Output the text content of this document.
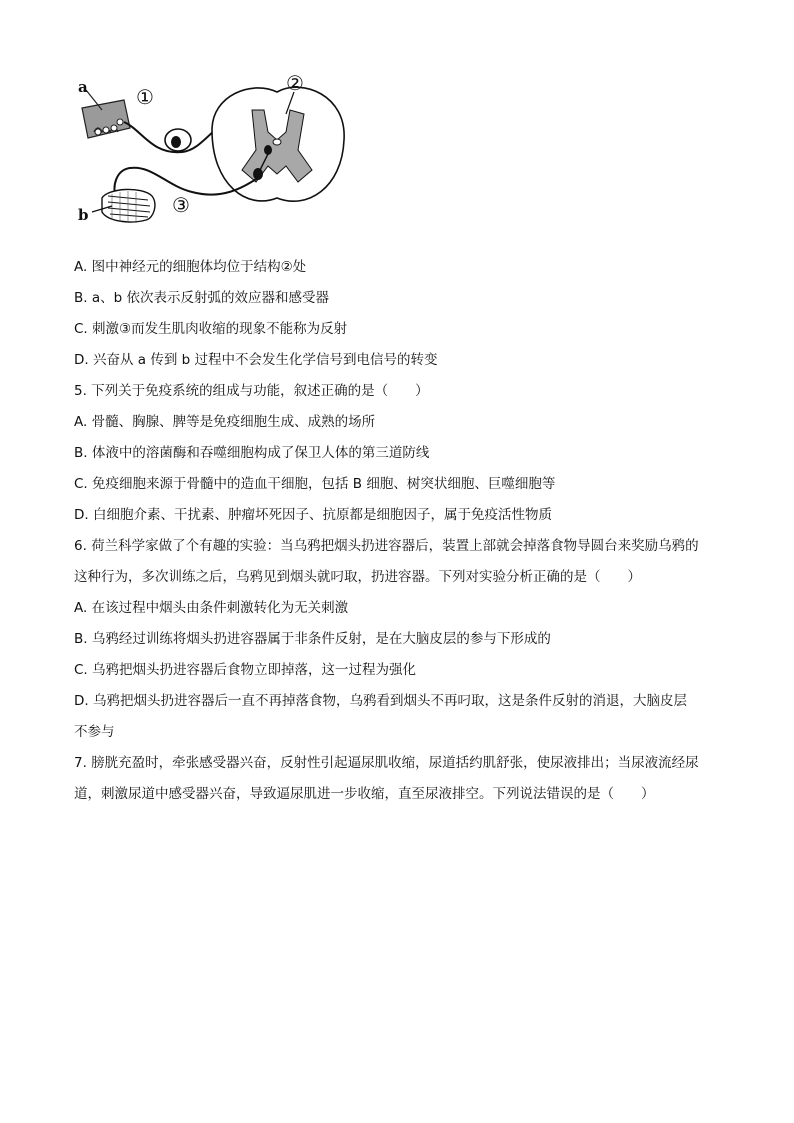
a ①
②
③
b

A. 图中神经元的细胞体均位于结构②处

B. a、b 依次表示反射弧的效应器和感受器

C. 刺激③而发生肌肉收缩的现象不能称为反射

D. 兴奋从 a 传到 b 过程中不会发生化学信号到电信号的转变

5. 下列关于免疫系统的组成与功能，叙述正确的是（　　）

A. 骨髓、胸腺、脾等是免疫细胞生成、成熟的场所

B. 体液中的溶菌酶和吞噬细胞构成了保卫人体的第三道防线

C. 免疫细胞来源于骨髓中的造血干细胞，包括 B 细胞、树突状细胞、巨噬细胞等

D. 白细胞介素、干扰素、肿瘤坏死因子、抗原都是细胞因子，属于免疫活性物质

6. 荷兰科学家做了个有趣的实验：当乌鸦把烟头扔进容器后，装置上部就会掉落食物导圆台来奖励乌鸦的

这种行为，多次训练之后，乌鸦见到烟头就叼取，扔进容器。下列对实验分析正确的是（　　）

A. 在该过程中烟头由条件刺激转化为无关刺激

B. 乌鸦经过训练将烟头扔进容器属于非条件反射，是在大脑皮层的参与下形成的

C. 乌鸦把烟头扔进容器后食物立即掉落，这一过程为强化

D. 乌鸦把烟头扔进容器后一直不再掉落食物，乌鸦看到烟头不再叼取，这是条件反射的消退，大脑皮层

不参与

7. 膀胱充盈时，牵张感受器兴奋，反射性引起逼尿肌收缩，尿道括约肌舒张，使尿液排出；当尿液流经尿

道，刺激尿道中感受器兴奋，导致逼尿肌进一步收缩，直至尿液排空。下列说法错误的是（　　）
